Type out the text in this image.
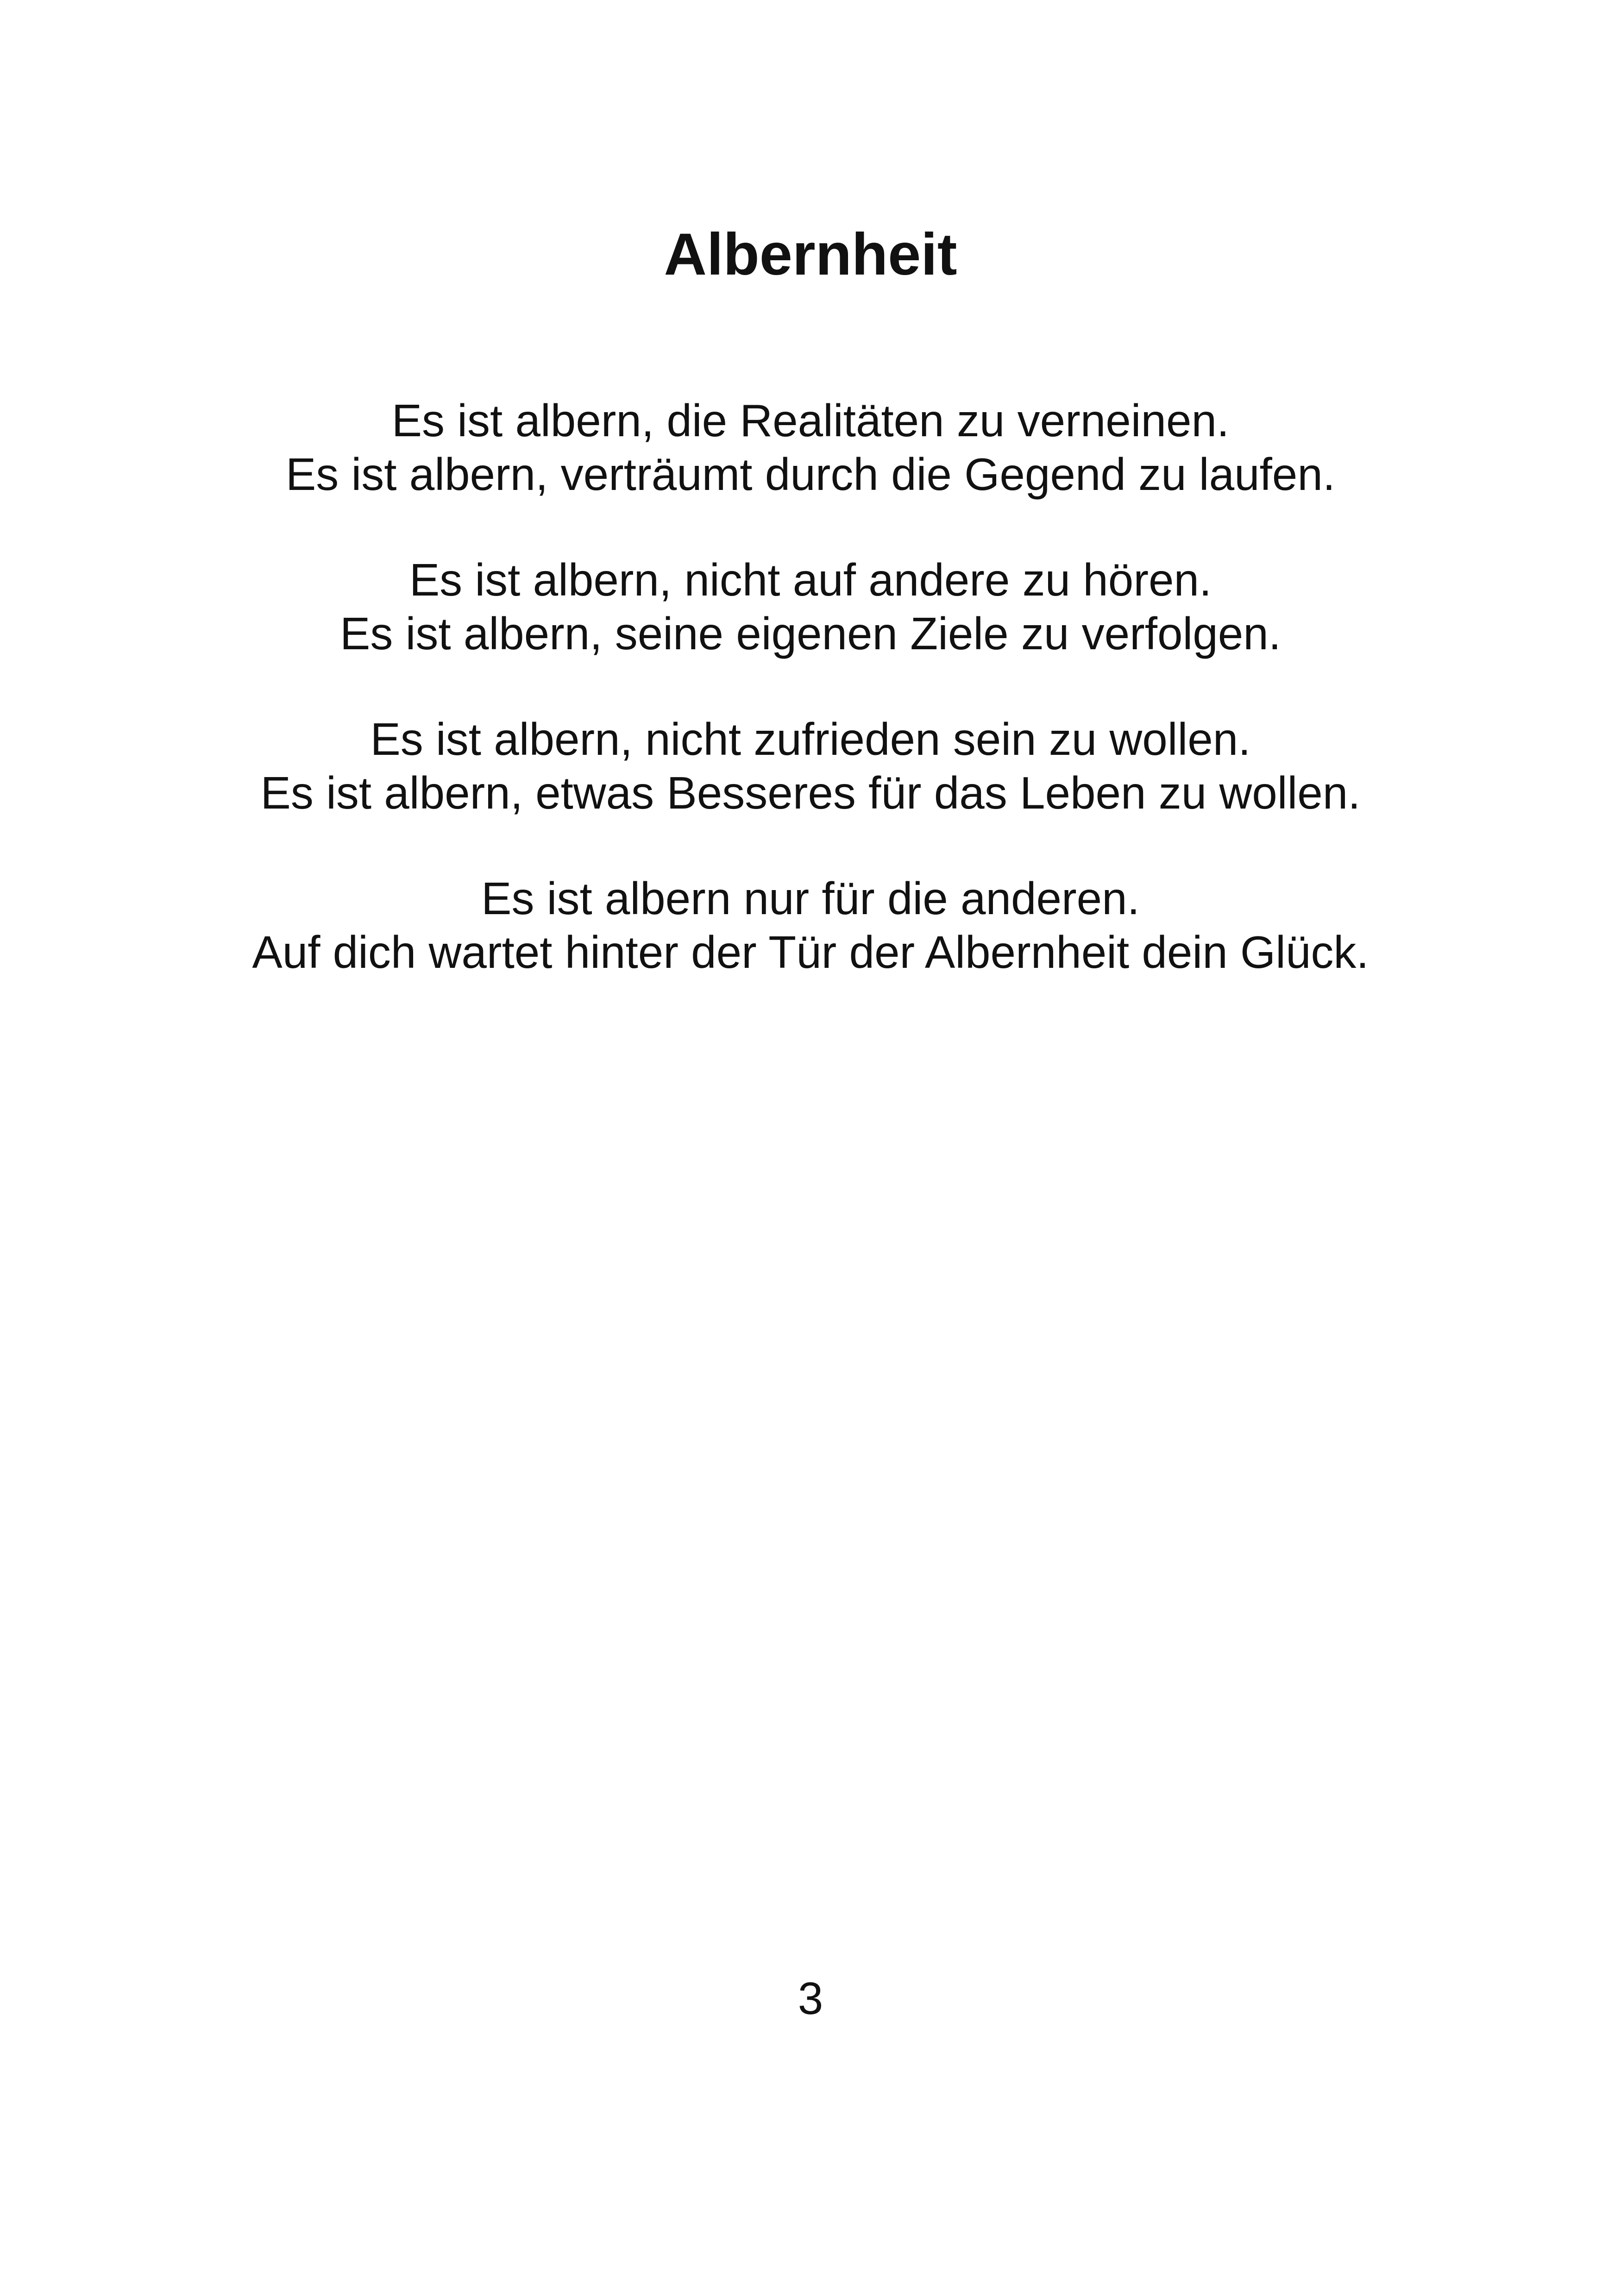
Albernheit

Es ist albern, die Realitäten zu verneinen.
Es ist albern, verträumt durch die Gegend zu laufen.

Es ist albern, nicht auf andere zu hören.
Es ist albern, seine eigenen Ziele zu verfolgen.

Es ist albern, nicht zufrieden sein zu wollen.
Es ist albern, etwas Besseres für das Leben zu wollen.

Es ist albern nur für die anderen.
Auf dich wartet hinter der Tür der Albernheit dein Glück.

3
